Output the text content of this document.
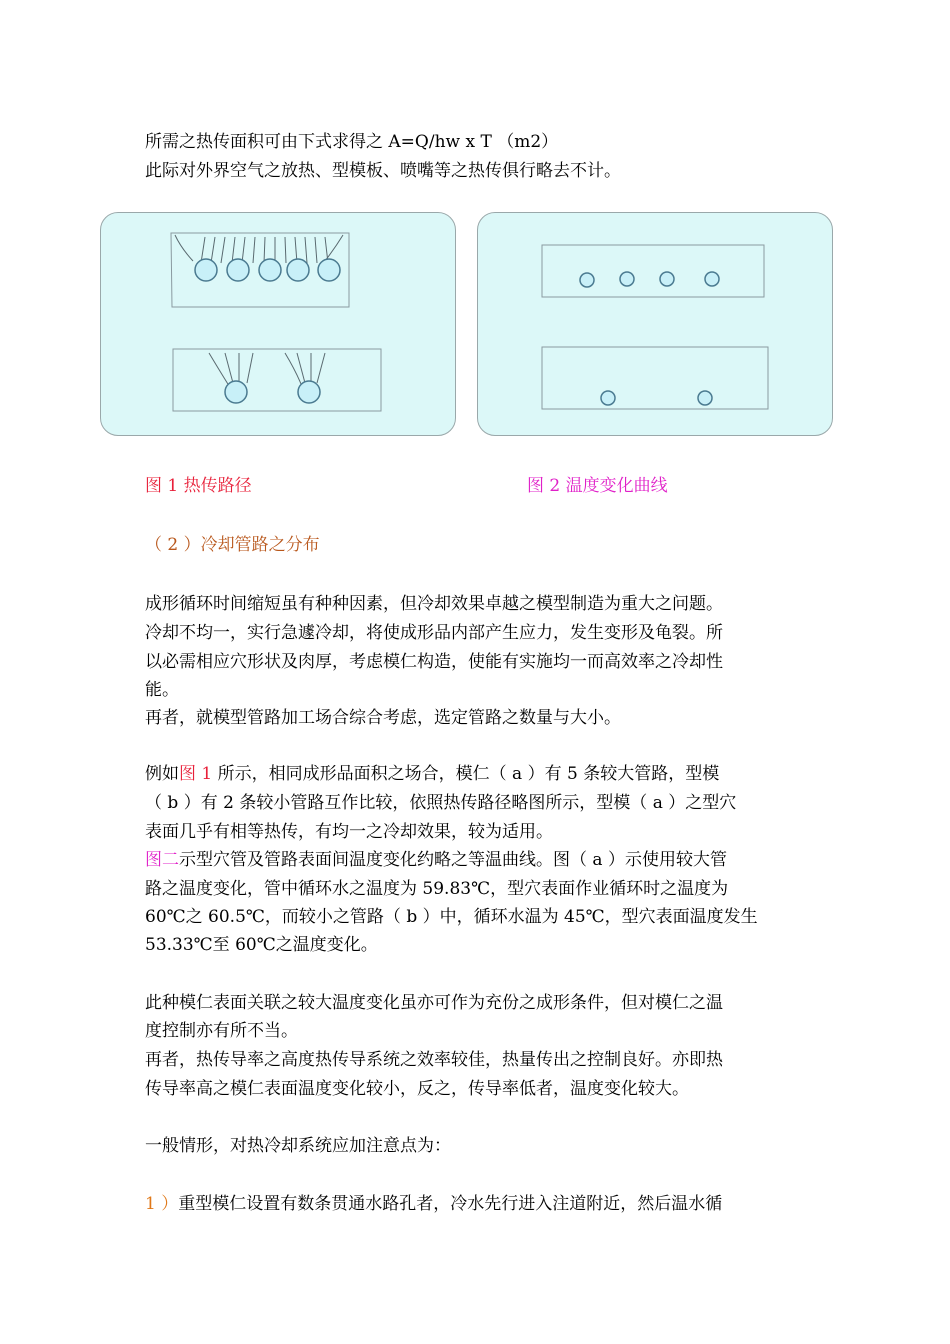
所需之热传面积可由下式求得之 A=Q/hw x T （m2）
此际对外界空气之放热、型模板、喷嘴等之热传俱行略去不计。
图 1 热传路径	图 2 温度变化曲线
（ 2 ）冷却管路之分布
成形循环时间缩短虽有种种因素，但冷却效果卓越之模型制造为重大之问题。
冷却不均一，实行急遽冷却，将使成形品内部产生应力，发生变形及龟裂。所
以必需相应穴形状及肉厚，考虑模仁构造，使能有实施均一而高效率之冷却性
能。
再者，就模型管路加工场合综合考虑，选定管路之数量与大小。
例如图 1 所示，相同成形品面积之场合，模仁（ a ）有 5 条较大管路，型模
（ b ）有 2 条较小管路互作比较，依照热传路径略图所示，型模（ a ）之型穴
表面几乎有相等热传，有均一之冷却效果，较为适用。
图二示型穴管及管路表面间温度变化约略之等温曲线。图（ a ）示使用较大管
路之温度变化，管中循环水之温度为 59.83℃，型穴表面作业循环时之温度为
60℃之 60.5℃，而较小之管路（ b ）中，循环水温为 45℃，型穴表面温度发生
53.33℃至 60℃之温度变化。
此种模仁表面关联之较大温度变化虽亦可作为充份之成形条件，但对模仁之温
度控制亦有所不当。
再者，热传导率之高度热传导系统之效率较佳，热量传出之控制良好。亦即热
传导率高之模仁表面温度变化较小，反之，传导率低者，温度变化较大。
一般情形，对热冷却系统应加注意点为：
1 ）重型模仁设置有数条贯通水路孔者，冷水先行进入注道附近，然后温水循
